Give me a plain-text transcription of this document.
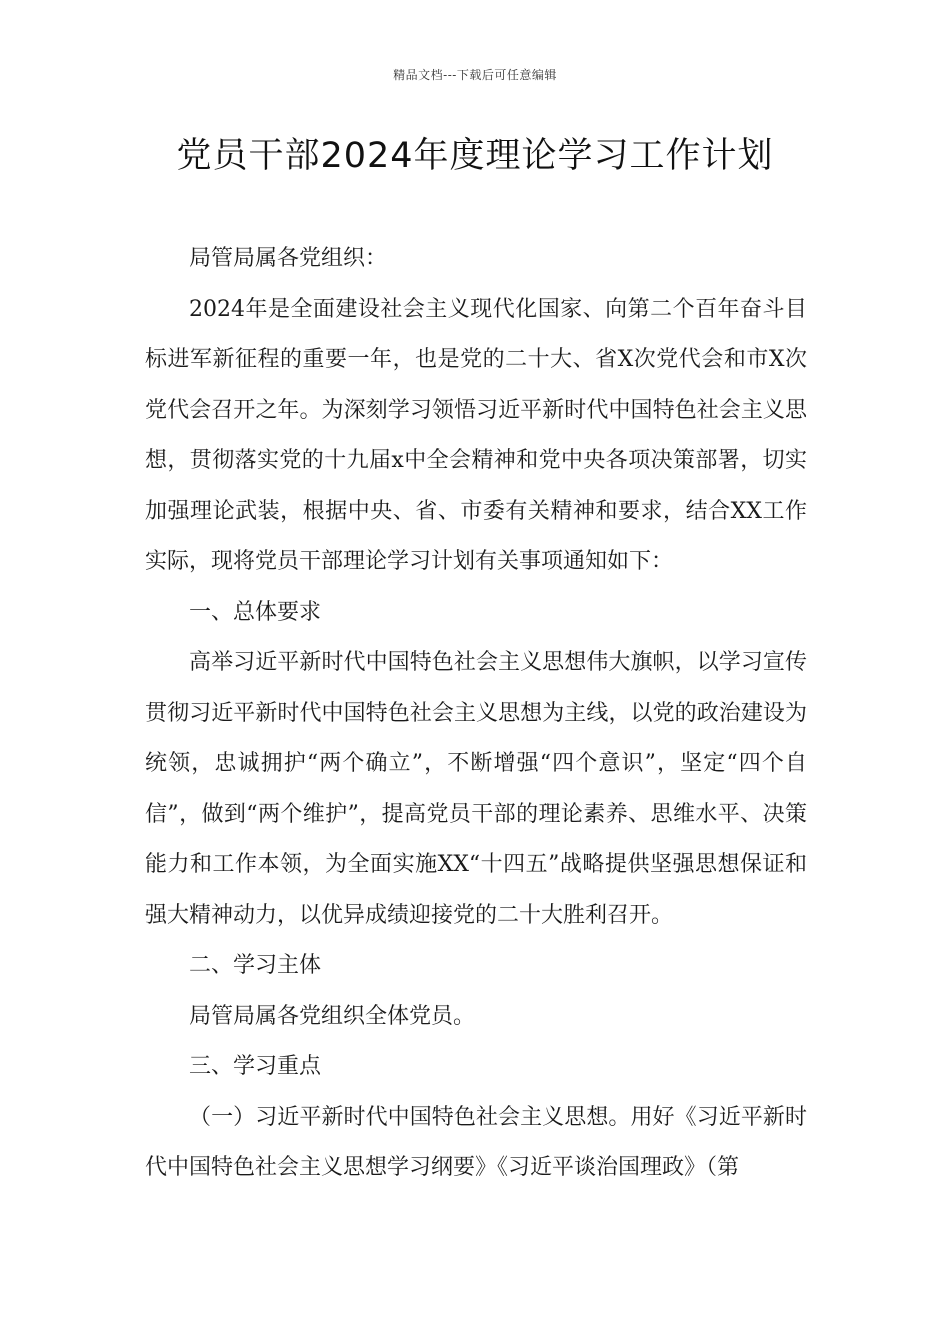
精品文档---下载后可任意编辑
党员干部2024年度理论学习工作计划

局管局属各党组织：

2024年是全面建设社会主义现代化国家、向第二个百年奋斗目标进军新征程的重要一年，也是党的二十大、省X次党代会和市X次党代会召开之年。为深刻学习领悟习近平新时代中国特色社会主义思想，贯彻落实党的十九届x中全会精神和党中央各项决策部署，切实加强理论武装，根据中央、省、市委有关精神和要求，结合XX工作实际，现将党员干部理论学习计划有关事项通知如下：

一、总体要求

高举习近平新时代中国特色社会主义思想伟大旗帜，以学习宣传贯彻习近平新时代中国特色社会主义思想为主线，以党的政治建设为统领，忠诚拥护“两个确立”，不断增强“四个意识”，坚定“四个自信”，做到“两个维护”，提高党员干部的理论素养、思维水平、决策能力和工作本领，为全面实施XX“十四五”战略提供坚强思想保证和强大精神动力，以优异成绩迎接党的二十大胜利召开。

二、学习主体

局管局属各党组织全体党员。

三、学习重点

（一）习近平新时代中国特色社会主义思想。用好《习近平新时代中国特色社会主义思想学习纲要》《习近平谈治国理政》（第
